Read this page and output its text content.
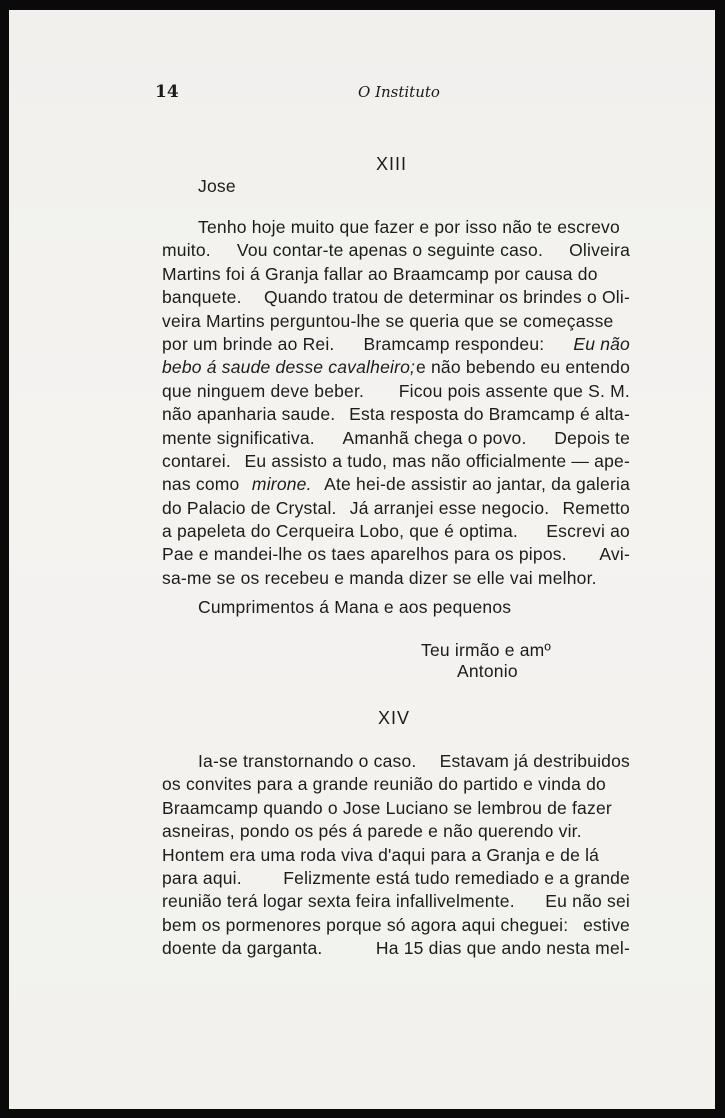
14	O Instituto
XIII
Jose
Tenho hoje muito que fazer e por isso não te escrevo
muito. Vou contar-te apenas o seguinte caso. Oliveira
Martins foi á Granja fallar ao Braamcamp por causa do
banquete. Quando tratou de determinar os brindes o Oli-
veira Martins perguntou-lhe se queria que se começasse
por um brinde ao Rei. Bramcamp respondeu: Eu não
bebo á saude desse cavalheiro; e não bebendo eu entendo
que ninguem deve beber. Ficou pois assente que S. M.
não apanharia saude. Esta resposta do Bramcamp é alta-
mente significativa. Amanhã chega o povo. Depois te
contarei. Eu assisto a tudo, mas não officialmente — ape-
nas como mirone. Ate hei-de assistir ao jantar, da galeria
do Palacio de Crystal. Já arranjei esse negocio. Remetto
a papeleta do Cerqueira Lobo, que é optima. Escrevi ao
Pae e mandei-lhe os taes aparelhos para os pipos. Avi-
sa-me se os recebeu e manda dizer se elle vai melhor.
Cumprimentos á Mana e aos pequenos
Teu irmão e amº
Antonio
XIV
Ia-se transtornando o caso. Estavam já destribuidos
os convites para a grande reunião do partido e vinda do
Braamcamp quando o Jose Luciano se lembrou de fazer
asneiras, pondo os pés á parede e não querendo vir.
Hontem era uma roda viva d'aqui para a Granja e de lá
para aqui. Felizmente está tudo remediado e a grande
reunião terá logar sexta feira infallivelmente. Eu não sei
bem os pormenores porque só agora aqui cheguei: estive
doente da garganta.	Ha 15 dias que ando nesta mel-
